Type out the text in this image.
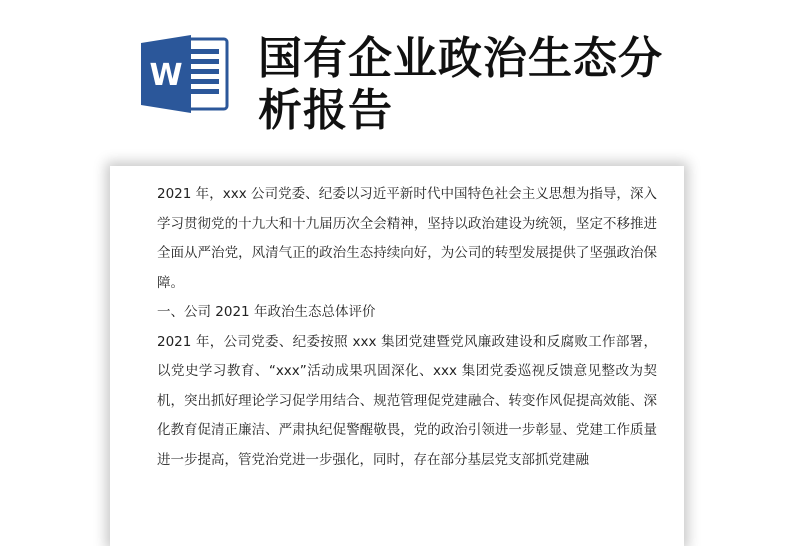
W 国有企业政治生态分析报告

2021 年，xxx 公司党委、纪委以习近平新时代中国特色社会主义思想为指导，深入学习贯彻党的十九大和十九届历次全会精神，坚持以政治建设为统领，坚定不移推进全面从严治党，风清气正的政治生态持续向好，为公司的转型发展提供了坚强政治保障。

一、公司 2021 年政治生态总体评价

2021 年，公司党委、纪委按照 xxx 集团党建暨党风廉政建设和反腐败工作部署，以党史学习教育、“xxx”活动成果巩固深化、xxx 集团党委巡视反馈意见整改为契机，突出抓好理论学习促学用结合、规范管理促党建融合、转变作风促提高效能、深化教育促清正廉洁、严肃执纪促警醒敬畏，党的政治引领进一步彰显、党建工作质量进一步提高，管党治党进一步强化，同时，存在部分基层党支部抓党建融
